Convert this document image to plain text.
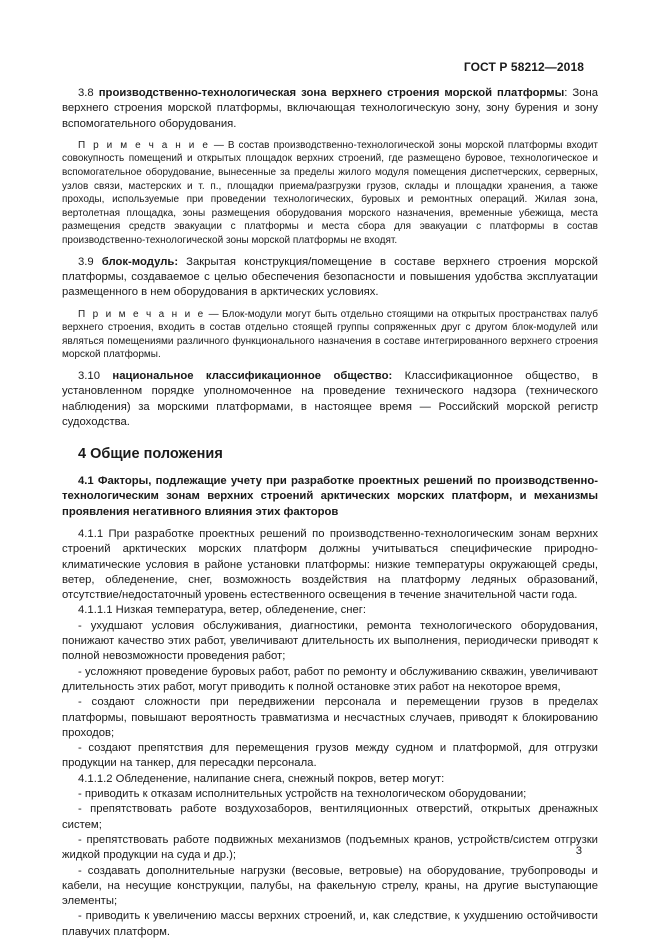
ГОСТ Р 58212—2018

3.8 производственно-технологическая зона верхнего строения морской платформы: Зона верхнего строения морской платформы, включающая технологическую зону, зону бурения и зону вспомогательного оборудования.

П р и м е ч а н и е — В состав производственно-технологической зоны морской платформы входит совокупность помещений и открытых площадок верхних строений, где размещено буровое, технологическое и вспомогательное оборудование, вынесенные за пределы жилого модуля помещения диспетчерских, серверных, узлов связи, мастерских и т. п., площадки приема/разгрузки грузов, склады и площадки хранения, а также проходы, используемые при проведении технологических, буровых и ремонтных операций. Жилая зона, вертолетная площадка, зоны размещения оборудования морского назначения, временные убежища, места размещения средств эвакуации с платформы и места сбора для эвакуации с платформы в состав производственно-технологической зоны морской платформы не входят.

3.9 блок-модуль: Закрытая конструкция/помещение в составе верхнего строения морской платформы, создаваемое с целью обеспечения безопасности и повышения удобства эксплуатации размещенного в нем оборудования в арктических условиях.

П р и м е ч а н и е — Блок-модули могут быть отдельно стоящими на открытых пространствах палуб верхнего строения, входить в состав отдельно стоящей группы сопряженных друг с другом блок-модулей или являться помещениями различного функционального назначения в составе интегрированного верхнего строения морской платформы.

3.10 национальное классификационное общество: Классификационное общество, в установленном порядке уполномоченное на проведение технического надзора (технического наблюдения) за морскими платформами, в настоящее время — Российский морской регистр судоходства.

4 Общие положения

4.1 Факторы, подлежащие учету при разработке проектных решений по производственно-технологическим зонам верхних строений арктических морских платформ, и механизмы проявления негативного влияния этих факторов

4.1.1 При разработке проектных решений по производственно-технологическим зонам верхних строений арктических морских платформ должны учитываться специфические природно-климатические условия в районе установки платформы: низкие температуры окружающей среды, ветер, обледенение, снег, возможность воздействия на платформу ледяных образований, отсутствие/недостаточный уровень естественного освещения в течение значительной части года.

4.1.1.1 Низкая температура, ветер, обледенение, снег:

- ухудшают условия обслуживания, диагностики, ремонта технологического оборудования, понижают качество этих работ, увеличивают длительность их выполнения, периодически приводят к полной невозможности проведения работ;

- усложняют проведение буровых работ, работ по ремонту и обслуживанию скважин, увеличивают длительность этих работ, могут приводить к полной остановке этих работ на некоторое время,

- создают сложности при передвижении персонала и перемещении грузов в пределах платформы, повышают вероятность травматизма и несчастных случаев, приводят к блокированию проходов;

- создают препятствия для перемещения грузов между судном и платформой, для отгрузки продукции на танкер, для пересадки персонала.

4.1.1.2 Обледенение, налипание снега, снежный покров, ветер могут:

- приводить к отказам исполнительных устройств на технологическом оборудовании;

- препятствовать работе воздухозаборов, вентиляционных отверстий, открытых дренажных систем;

- препятствовать работе подвижных механизмов (подъемных кранов, устройств/систем отгрузки жидкой продукции на суда и др.);

- создавать дополнительные нагрузки (весовые, ветровые) на оборудование, трубопроводы и кабели, на несущие конструкции, палубы, на факельную стрелу, краны, на другие выступающие элементы;

- приводить к увеличению массы верхних строений, и, как следствие, к ухудшению остойчивости плавучих платформ.

3
